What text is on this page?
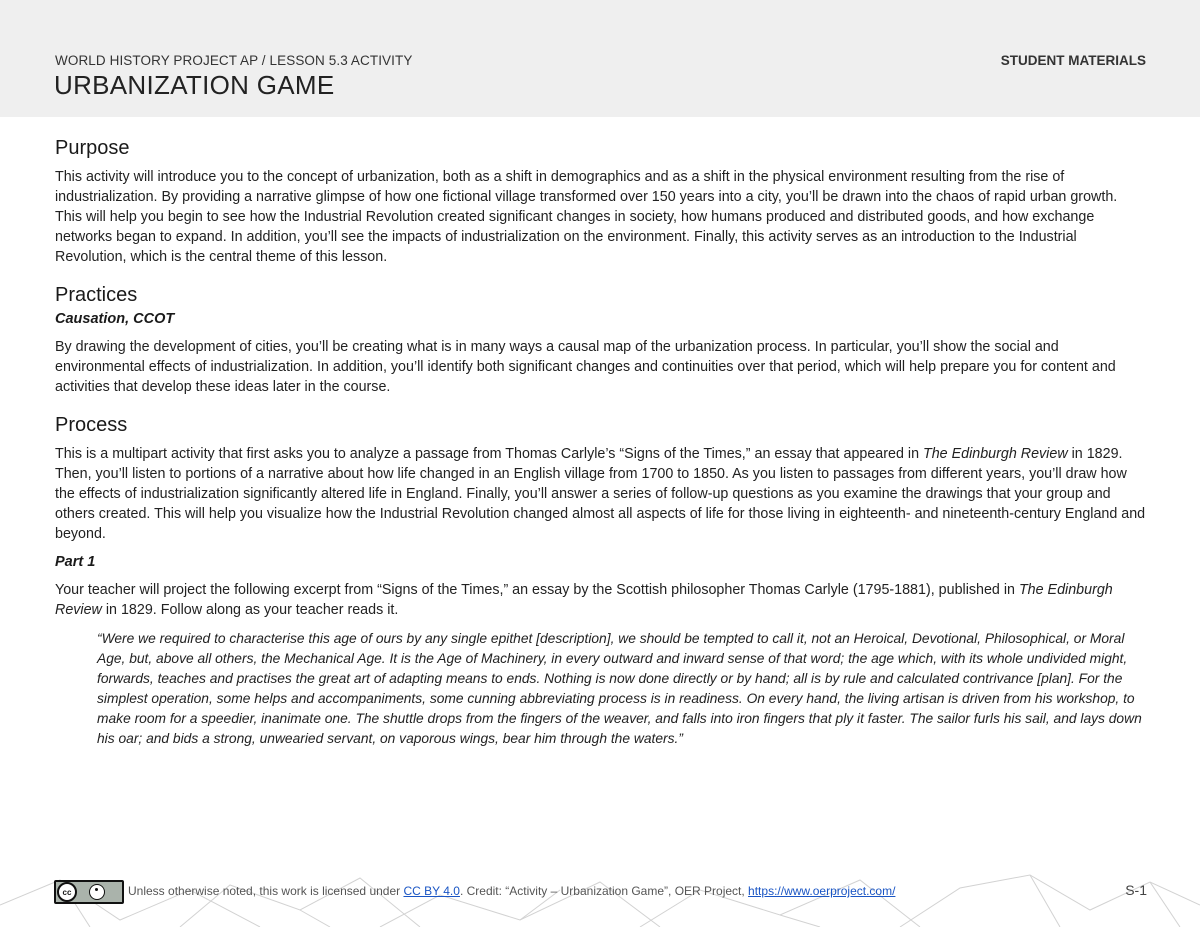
WORLD HISTORY PROJECT AP / LESSON 5.3 ACTIVITY
URBANIZATION GAME
STUDENT MATERIALS
Purpose

This activity will introduce you to the concept of urbanization, both as a shift in demographics and as a shift in the physical environment resulting from the rise of industrialization. By providing a narrative glimpse of how one fictional village transformed over 150 years into a city, you’ll be drawn into the chaos of rapid urban growth. This will help you begin to see how the Industrial Revolution created significant changes in society, how humans produced and distributed goods, and how exchange networks began to expand. In addition, you’ll see the impacts of industrialization on the environment. Finally, this activity serves as an introduction to the Industrial Revolution, which is the central theme of this lesson.

Practices
Causation, CCOT

By drawing the development of cities, you’ll be creating what is in many ways a causal map of the urbanization process. In particular, you’ll show the social and environmental effects of industrialization. In addition, you’ll identify both significant changes and continuities over that period, which will help prepare you for content and activities that develop these ideas later in the course.

Process

This is a multipart activity that first asks you to analyze a passage from Thomas Carlyle’s “Signs of the Times,” an essay that appeared in The Edinburgh Review in 1829. Then, you’ll listen to portions of a narrative about how life changed in an English village from 1700 to 1850. As you listen to passages from different years, you’ll draw how the effects of industrialization significantly altered life in England. Finally, you’ll answer a series of follow-up questions as you examine the drawings that your group and others created. This will help you visualize how the Industrial Revolution changed almost all aspects of life for those living in eighteenth- and nineteenth-century England and beyond.

Part 1

Your teacher will project the following excerpt from “Signs of the Times,” an essay by the Scottish philosopher Thomas Carlyle (1795-1881), published in The Edinburgh Review in 1829. Follow along as your teacher reads it.

“Were we required to characterise this age of ours by any single epithet [description], we should be tempted to call it, not an Heroical, Devotional, Philosophical, or Moral Age, but, above all others, the Mechanical Age. It is the Age of Machinery, in every outward and inward sense of that word; the age which, with its whole undivided might, forwards, teaches and practises the great art of adapting means to ends. Nothing is now done directly or by hand; all is by rule and calculated contrivance [plan]. For the simplest operation, some helps and accompaniments, some cunning abbreviating process is in readiness. On every hand, the living artisan is driven from his workshop, to make room for a speedier, inanimate one. The shuttle drops from the fingers of the weaver, and falls into iron fingers that ply it faster. The sailor furls his sail, and lays down his oar; and bids a strong, unwearied servant, on vaporous wings, bear him through the waters.”
cc	Unless otherwise noted, this work is licensed under CC BY 4.0. Credit: “Activity – Urbanization Game”, OER Project, https://www.oerproject.com/	S-1
